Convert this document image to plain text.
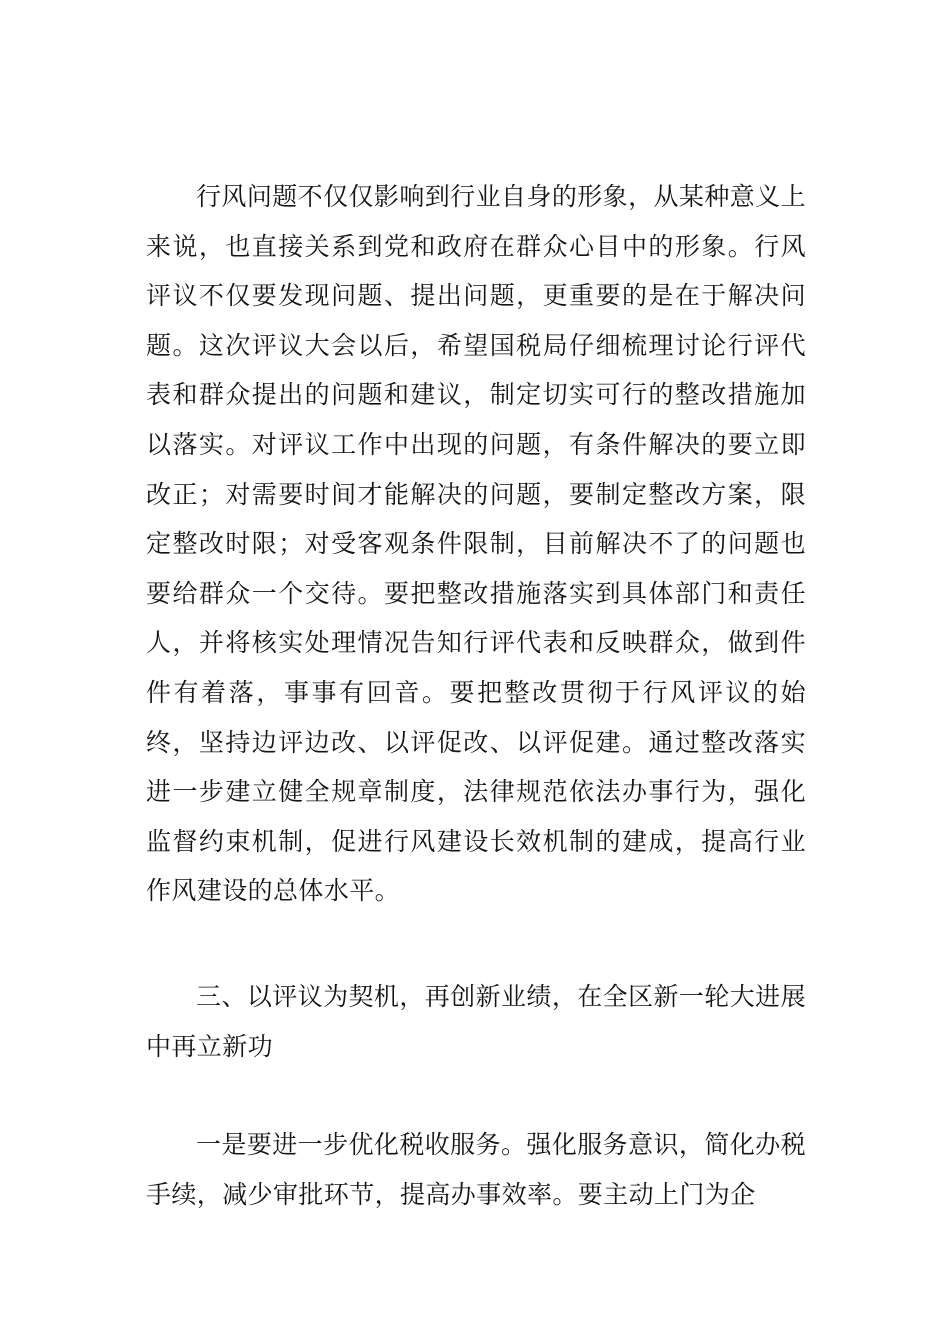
行风问题不仅仅影响到行业自身的形象，从某种意义上来说，也直接关系到党和政府在群众心目中的形象。行风评议不仅要发现问题、提出问题，更重要的是在于解决问题。这次评议大会以后，希望国税局仔细梳理讨论行评代表和群众提出的问题和建议，制定切实可行的整改措施加以落实。对评议工作中出现的问题，有条件解决的要立即改正；对需要时间才能解决的问题，要制定整改方案，限定整改时限；对受客观条件限制，目前解决不了的问题也要给群众一个交待。要把整改措施落实到具体部门和责任人，并将核实处理情况告知行评代表和反映群众，做到件件有着落，事事有回音。要把整改贯彻于行风评议的始终，坚持边评边改、以评促改、以评促建。通过整改落实进一步建立健全规章制度，法律规范依法办事行为，强化监督约束机制，促进行风建设长效机制的建成，提高行业作风建设的总体水平。

三、以评议为契机，再创新业绩，在全区新一轮大进展中再立新功

一是要进一步优化税收服务。强化服务意识，简化办税手续，减少审批环节，提高办事效率。要主动上门为企
